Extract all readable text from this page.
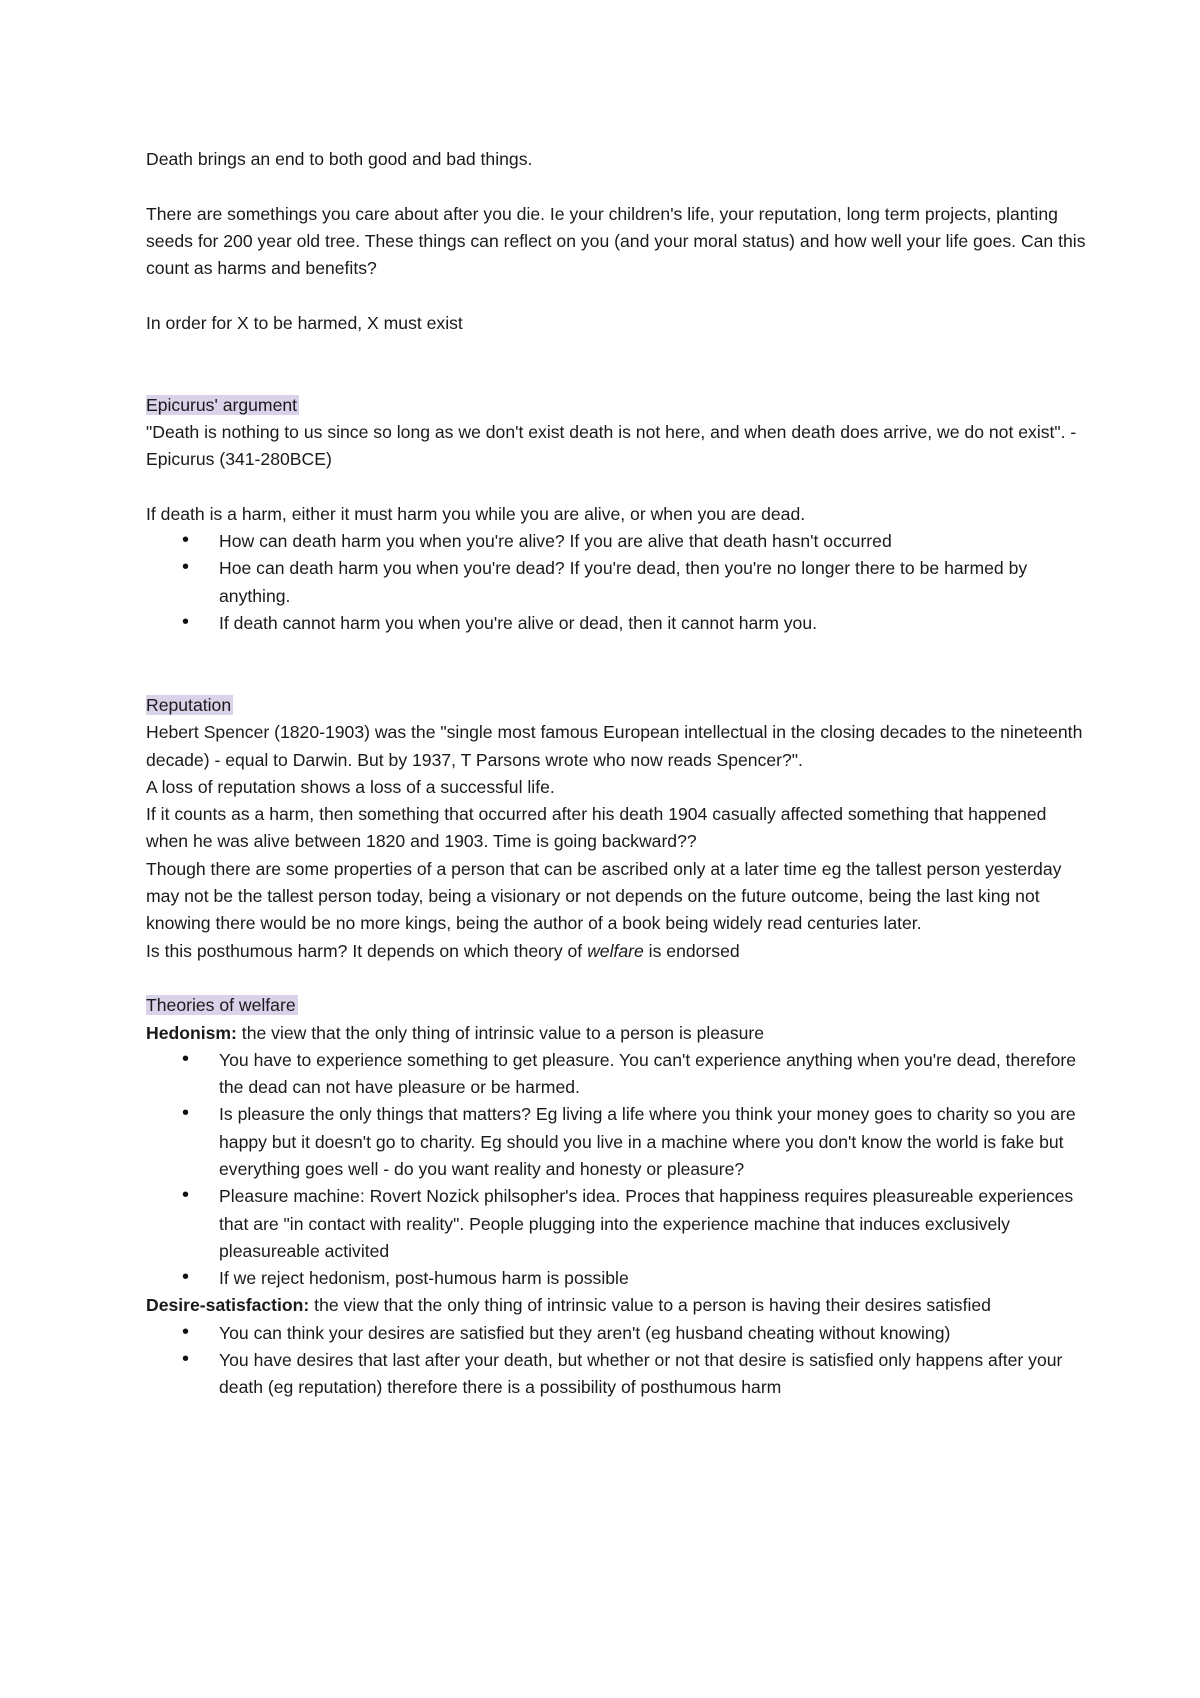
Death brings an end to both good and bad things.

There are somethings you care about after you die. Ie your children's life, your reputation, long term projects, planting seeds for 200 year old tree. These things can reflect on you (and your moral status) and how well your life goes. Can this count as harms and benefits?

In order for X to be harmed, X must exist

Epicurus' argument

"Death is nothing to us since so long as we don't exist death is not here, and when death does arrive, we do not exist". - Epicurus (341-280BCE)

If death is a harm, either it must harm you while you are alive, or when you are dead.

• How can death harm you when you're alive? If you are alive that death hasn't occurred
• Hoe can death harm you when you're dead? If you're dead, then you're no longer there to be harmed by anything.
• If death cannot harm you when you're alive or dead, then it cannot harm you.

Reputation

Hebert Spencer (1820-1903) was the "single most famous European intellectual in the closing decades to the nineteenth decade) - equal to Darwin. But by 1937, T Parsons wrote who now reads Spencer?".

A loss of reputation shows a loss of a successful life.

If it counts as a harm, then something that occurred after his death 1904 casually affected something that happened when he was alive between 1820 and 1903. Time is going backward??

Though there are some properties of a person that can be ascribed only at a later time eg the tallest person yesterday may not be the tallest person today, being a visionary or not depends on the future outcome, being the last king not knowing there would be no more kings, being the author of a book being widely read centuries later.

Is this posthumous harm? It depends on which theory of welfare is endorsed

Theories of welfare

Hedonism: the view that the only thing of intrinsic value to a person is pleasure

• You have to experience something to get pleasure. You can't experience anything when you're dead, therefore the dead can not have pleasure or be harmed.
• Is pleasure the only things that matters? Eg living a life where you think your money goes to charity so you are happy but it doesn't go to charity. Eg should you live in a machine where you don't know the world is fake but everything goes well - do you want reality and honesty or pleasure?
• Pleasure machine: Rovert Nozick philsopher's idea. Proces that happiness requires pleasureable experiences that are "in contact with reality". People plugging into the experience machine that induces exclusively pleasureable activited
• If we reject hedonism, post-humous harm is possible

Desire-satisfaction: the view that the only thing of intrinsic value to a person is having their desires satisfied

• You can think your desires are satisfied but they aren't (eg husband cheating without knowing)
• You have desires that last after your death, but whether or not that desire is satisfied only happens after your death (eg reputation) therefore there is a possibility of posthumous harm
